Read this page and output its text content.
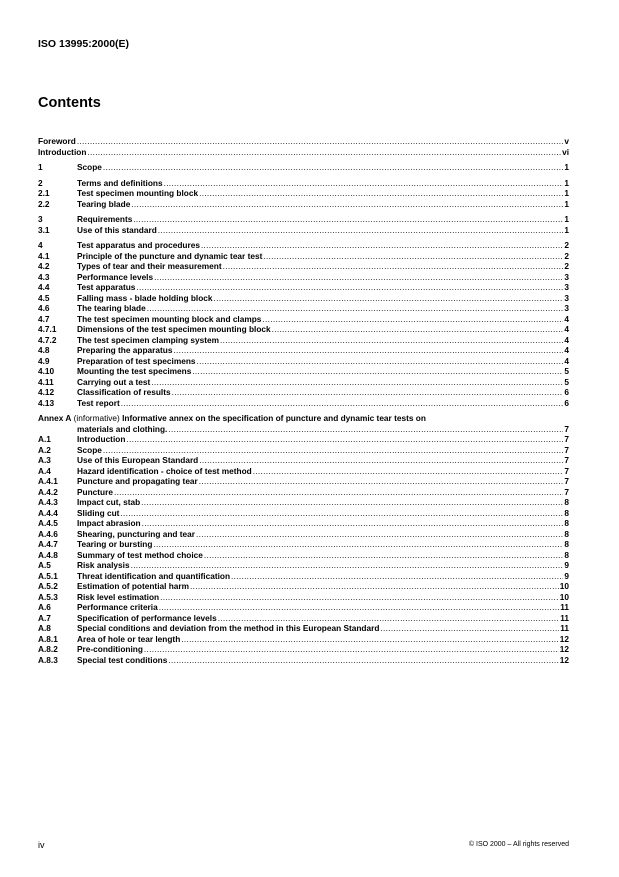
ISO 13995:2000(E)
Contents
Foreword .....	v
Introduction .....	vi
1	Scope .....	1
2	Terms and definitions .....	1
2.1	Test specimen mounting block .....	1
2.2	Tearing blade .....	1
3	Requirements .....	1
3.1	Use of this standard .....	1
4	Test apparatus and procedures .....	2
4.1	Principle of the puncture and dynamic tear test .....	2
4.2	Types of tear and their measurement .....	2
4.3	Performance levels .....	3
4.4	Test apparatus .....	3
4.5	Falling mass - blade holding block .....	3
4.6	The tearing blade .....	3
4.7	The test specimen mounting block and clamps .....	4
4.7.1	Dimensions of the test specimen mounting block .....	4
4.7.2	The test specimen clamping system .....	4
4.8	Preparing the apparatus .....	4
4.9	Preparation of test specimens .....	4
4.10	Mounting the test specimens .....	5
4.11	Carrying out a test .....	5
4.12	Classification of results .....	6
4.13	Test report .....	6
Annex A (informative) Informative annex on the specification of puncture and dynamic tear tests on
materials and clothing. .....	7
A.1	Introduction .....	7
A.2	Scope .....	7
A.3	Use of this European Standard .....	7
A.4	Hazard identification - choice of test method .....	7
A.4.1	Puncture and propagating tear .....	7
A.4.2	Puncture .....	7
A.4.3	Impact cut, stab .....	8
A.4.4	Sliding cut .....	8
A.4.5	Impact abrasion .....	8
A.4.6	Shearing, puncturing and tear .....	8
A.4.7	Tearing or bursting .....	8
A.4.8	Summary of test method choice .....	8
A.5	Risk analysis .....	9
A.5.1	Threat identification and quantification .....	9
A.5.2	Estimation of potential harm .....	10
A.5.3	Risk level estimation .....	10
A.6	Performance criteria .....	11
A.7	Specification of performance levels .....	11
A.8	Special conditions and deviation from the method in this European Standard .....	11
A.8.1	Area of hole or tear length .....	12
A.8.2	Pre-conditioning .....	12
A.8.3	Special test conditions .....	12
iv	© ISO 2000 – All rights reserved
